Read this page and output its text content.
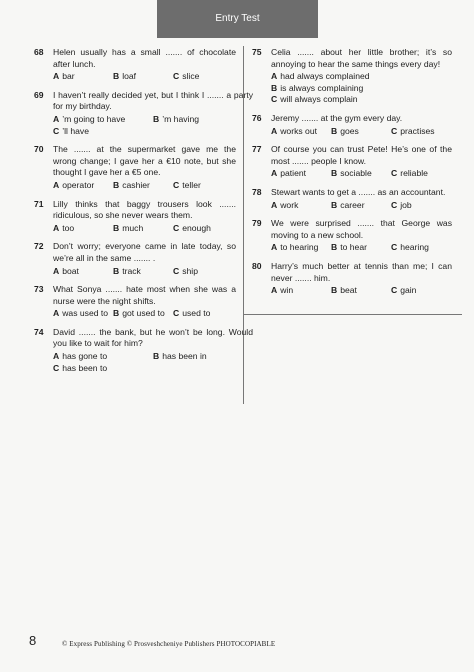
Entry Test
68	Helen usually has a small ....... of chocolate after lunch.
A bar	B loaf	C slice
69	I haven’t really decided yet, but I think I ....... a party for my birthday.
A ’m going to have	B ’m having
C ’ll have
70	The ....... at the supermarket gave me the wrong change; I gave her a €10 note, but she thought I gave her a €5 one.
A operator	B cashier	C teller
71	Lilly thinks that baggy trousers look ....... ridiculous, so she never wears them.
A too	B much	C enough
72	Don’t worry; everyone came in late today, so we’re all in the same ....... .
A boat	B track	C ship
73	What Sonya ....... hate most when she was a nurse were the night shifts.
A was used to B got used to C used to
74	David ....... the bank, but he won’t be long. Would you like to wait for him?
A has gone to	B has been in
C has been to
75	Celia ....... about her little brother; it’s so annoying to hear the same things every day!
A had always complained
B is always complaining
C will always complain
76	Jeremy ....... at the gym every day.
A works out	B goes	C practises
77	Of course you can trust Pete! He’s one of the most ....... people I know.
A patient	B sociable	C reliable
78	Stewart wants to get a ....... as an accountant.
A work	B career	C job
79	We were surprised ....... that George was moving to a new school.
A to hearing	B to hear	C hearing
80	Harry’s much better at tennis than me; I can never ....... him.
A win	B beat	C gain
8	© Express Publishing © Prosveshcheniye Publishers PHOTOCOPIABLE
